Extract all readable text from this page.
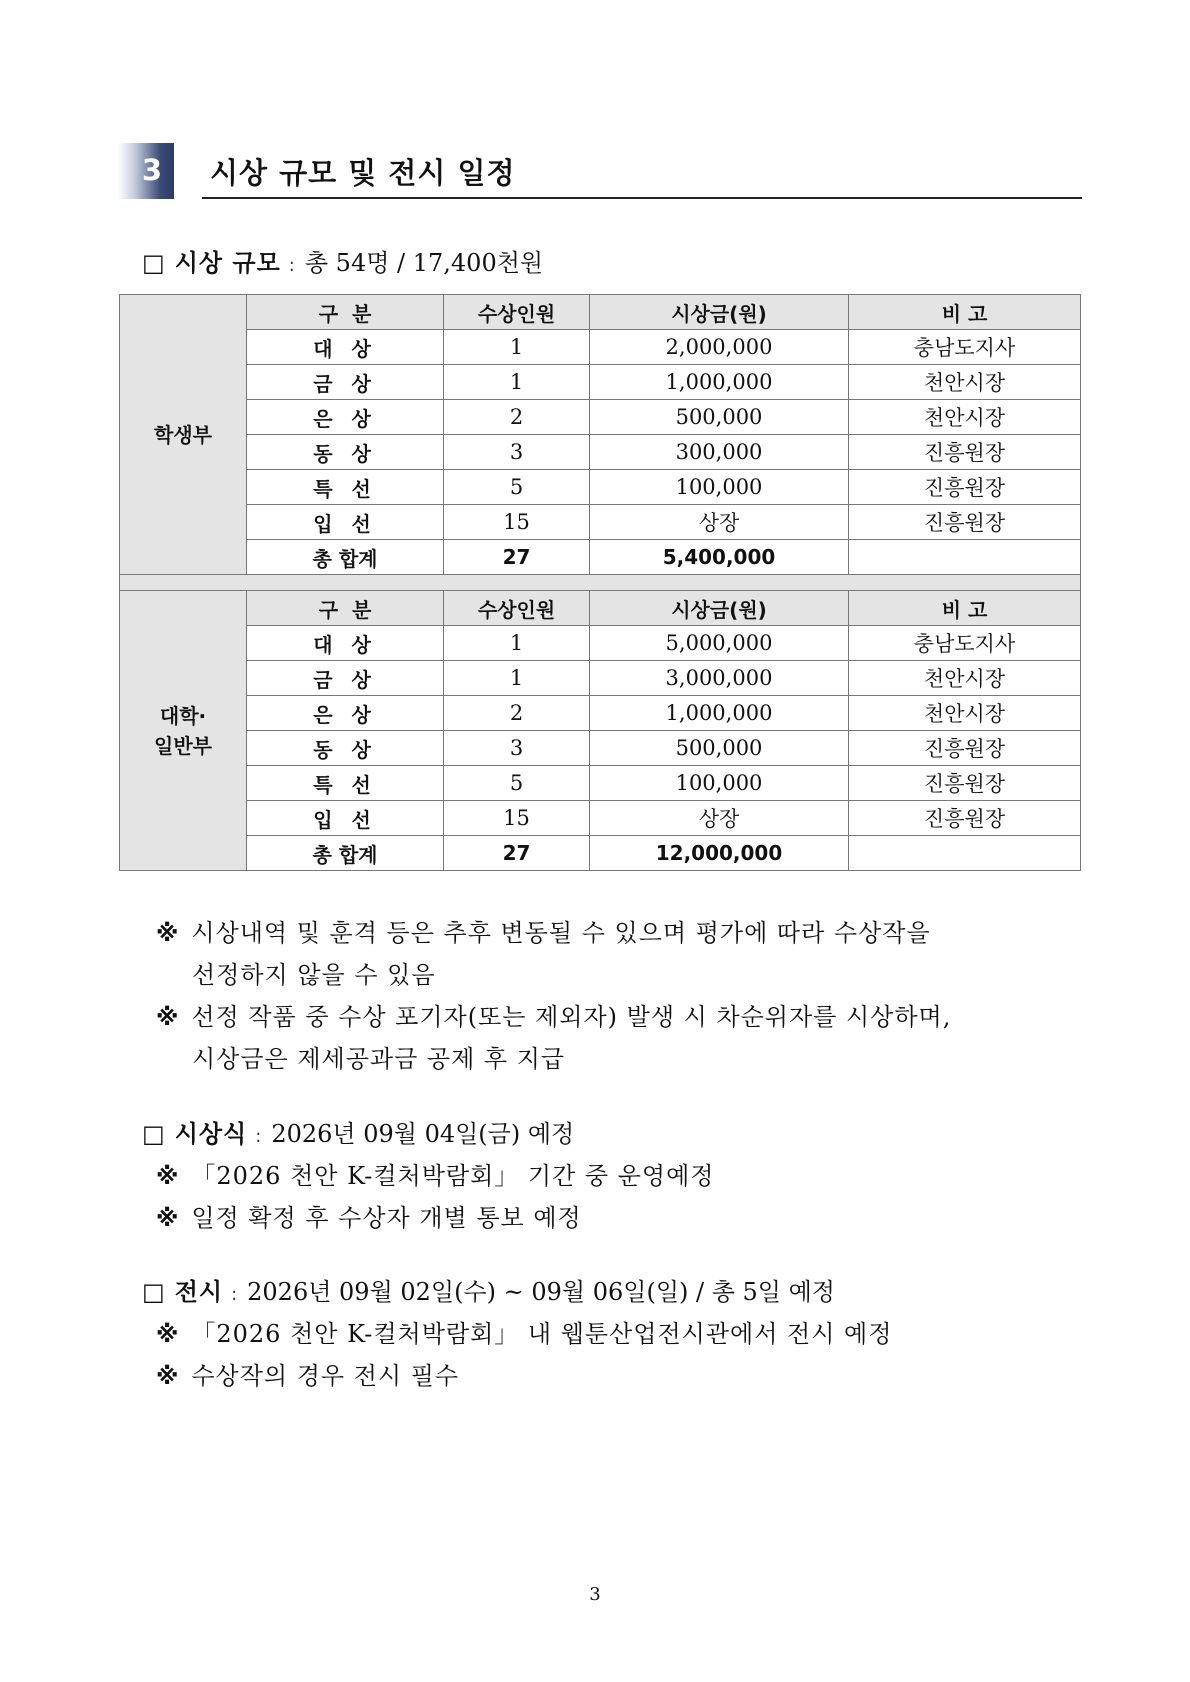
3 시상 규모 및 전시 일정
□ 시상 규모 : 총 54명 / 17,400천원
학생부	구  분	수상인원	시상금(원)	비 고
	대 상	1	2,000,000	충남도지사
	금 상	1	1,000,000	천안시장
	은 상	2	500,000	천안시장
	동 상	3	300,000	진흥원장
	특 선	5	100,000	진흥원장
	입 선	15	상장	진흥원장
	총 합계	27	5,400,000	

대학·
일반부	구  분	수상인원	시상금(원)	비 고
	대 상	1	5,000,000	충남도지사
	금 상	1	3,000,000	천안시장
	은 상	2	1,000,000	천안시장
	동 상	3	500,000	진흥원장
	특 선	5	100,000	진흥원장
	입 선	15	상장	진흥원장
	총 합계	27	12,000,000	
※ 시상내역 및 훈격 등은 추후 변동될 수 있으며 평가에 따라 수상작을
선정하지 않을 수 있음
※ 선정 작품 중 수상 포기자(또는 제외자) 발생 시 차순위자를 시상하며,
시상금은 제세공과금 공제 후 지급
□ 시상식 : 2026년 09월 04일(금) 예정
※ 「2026 천안 K-컬처박람회」 기간 중 운영예정
※ 일정 확정 후 수상자 개별 통보 예정
□ 전시 : 2026년 09월 02일(수) ~ 09월 06일(일) / 총 5일 예정
※ 「2026 천안 K-컬처박람회」 내 웹툰산업전시관에서 전시 예정
※ 수상작의 경우 전시 필수
3
